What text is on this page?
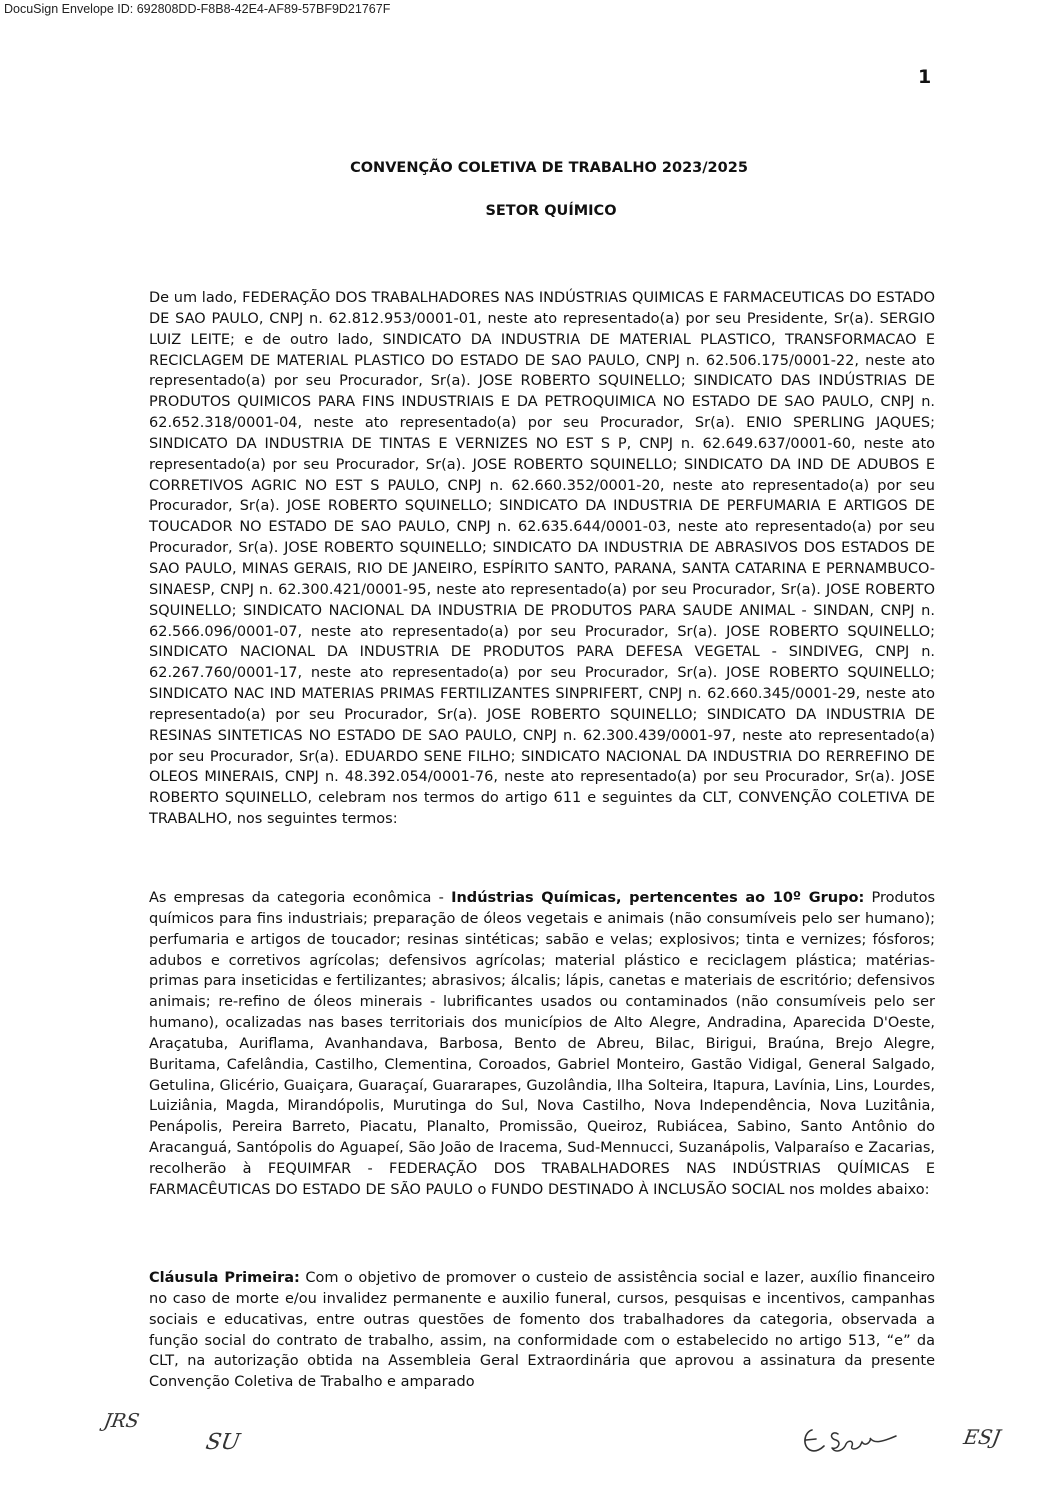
DocuSign Envelope ID: 692808DD-F8B8-42E4-AF89-57BF9D21767F
1
CONVENÇÃO COLETIVA DE TRABALHO 2023/2025
SETOR QUÍMICO

De um lado, FEDERAÇÃO DOS TRABALHADORES NAS INDÚSTRIAS QUIMICAS E FARMACEUTICAS DO ESTADO DE SAO PAULO, CNPJ n. 62.812.953/0001-01, neste ato representado(a) por seu Presidente, Sr(a). SERGIO LUIZ LEITE; e de outro lado, SINDICATO DA INDUSTRIA DE MATERIAL PLASTICO, TRANSFORMACAO E RECICLAGEM DE MATERIAL PLASTICO DO ESTADO DE SAO PAULO, CNPJ n. 62.506.175/0001-22, neste ato representado(a) por seu Procurador, Sr(a). JOSE ROBERTO SQUINELLO; SINDICATO DAS INDÚSTRIAS DE PRODUTOS QUIMICOS PARA FINS INDUSTRIAIS E DA PETROQUIMICA NO ESTADO DE SAO PAULO, CNPJ n. 62.652.318/0001-04, neste ato representado(a) por seu Procurador, Sr(a). ENIO SPERLING JAQUES; SINDICATO DA INDUSTRIA DE TINTAS E VERNIZES NO EST S P, CNPJ n. 62.649.637/0001-60, neste ato representado(a) por seu Procurador, Sr(a). JOSE ROBERTO SQUINELLO; SINDICATO DA IND DE ADUBOS E CORRETIVOS AGRIC NO EST S PAULO, CNPJ n. 62.660.352/0001-20, neste ato representado(a) por seu Procurador, Sr(a). JOSE ROBERTO SQUINELLO; SINDICATO DA INDUSTRIA DE PERFUMARIA E ARTIGOS DE TOUCADOR NO ESTADO DE SAO PAULO, CNPJ n. 62.635.644/0001-03, neste ato representado(a) por seu Procurador, Sr(a). JOSE ROBERTO SQUINELLO; SINDICATO DA INDUSTRIA DE ABRASIVOS DOS ESTADOS DE SAO PAULO, MINAS GERAIS, RIO DE JANEIRO, ESPÍRITO SANTO, PARANA, SANTA CATARINA E PERNAMBUCO-SINAESP, CNPJ n. 62.300.421/0001-95, neste ato representado(a) por seu Procurador, Sr(a). JOSE ROBERTO SQUINELLO; SINDICATO NACIONAL DA INDUSTRIA DE PRODUTOS PARA SAUDE ANIMAL - SINDAN, CNPJ n. 62.566.096/0001-07, neste ato representado(a) por seu Procurador, Sr(a). JOSE ROBERTO SQUINELLO; SINDICATO NACIONAL DA INDUSTRIA DE PRODUTOS PARA DEFESA VEGETAL - SINDIVEG, CNPJ n. 62.267.760/0001-17, neste ato representado(a) por seu Procurador, Sr(a). JOSE ROBERTO SQUINELLO; SINDICATO NAC IND MATERIAS PRIMAS FERTILIZANTES SINPRIFERT, CNPJ n. 62.660.345/0001-29, neste ato representado(a) por seu Procurador, Sr(a). JOSE ROBERTO SQUINELLO; SINDICATO DA INDUSTRIA DE RESINAS SINTETICAS NO ESTADO DE SAO PAULO, CNPJ n. 62.300.439/0001-97, neste ato representado(a) por seu Procurador, Sr(a). EDUARDO SENE FILHO; SINDICATO NACIONAL DA INDUSTRIA DO RERREFINO DE OLEOS MINERAIS, CNPJ n. 48.392.054/0001-76, neste ato representado(a) por seu Procurador, Sr(a). JOSE ROBERTO SQUINELLO, celebram nos termos do artigo 611 e seguintes da CLT, CONVENÇÃO COLETIVA DE TRABALHO, nos seguintes termos:

As empresas da categoria econômica - Indústrias Químicas, pertencentes ao 10º Grupo: Produtos químicos para fins industriais; preparação de óleos vegetais e animais (não consumíveis pelo ser humano); perfumaria e artigos de toucador; resinas sintéticas; sabão e velas; explosivos; tinta e vernizes; fósforos; adubos e corretivos agrícolas; defensivos agrícolas; material plástico e reciclagem plástica; matérias-primas para inseticidas e fertilizantes; abrasivos; álcalis; lápis, canetas e materiais de escritório; defensivos animais; re-refino de óleos minerais - lubrificantes usados ou contaminados (não consumíveis pelo ser humano), ocalizadas nas bases territoriais dos municípios de Alto Alegre, Andradina, Aparecida D'Oeste, Araçatuba, Auriflama, Avanhandava, Barbosa, Bento de Abreu, Bilac, Birigui, Braúna, Brejo Alegre, Buritama, Cafelândia, Castilho, Clementina, Coroados, Gabriel Monteiro, Gastão Vidigal, General Salgado, Getulina, Glicério, Guaiçara, Guaraçaí, Guararapes, Guzolândia, Ilha Solteira, Itapura, Lavínia, Lins, Lourdes, Luiziânia, Magda, Mirandópolis, Murutinga do Sul, Nova Castilho, Nova Independência, Nova Luzitânia, Penápolis, Pereira Barreto, Piacatu, Planalto, Promissão, Queiroz, Rubiácea, Sabino, Santo Antônio do Aracanguá, Santópolis do Aguapeí, São João de Iracema, Sud-Mennucci, Suzanápolis, Valparaíso e Zacarias, recolherão à FEQUIMFAR - FEDERAÇÃO DOS TRABALHADORES NAS INDÚSTRIAS QUÍMICAS E FARMACÊUTICAS DO ESTADO DE SÃO PAULO o FUNDO DESTINADO À INCLUSÃO SOCIAL nos moldes abaixo:

Cláusula Primeira: Com o objetivo de promover o custeio de assistência social e lazer, auxílio financeiro no caso de morte e/ou invalidez permanente e auxilio funeral, cursos, pesquisas e incentivos, campanhas sociais e educativas, entre outras questões de fomento dos trabalhadores da categoria, observada a função social do contrato de trabalho, assim, na conformidade com o estabelecido no artigo 513, “e” da CLT, na autorização obtida na Assembleia Geral Extraordinária que aprovou a assinatura da presente Convenção Coletiva de Trabalho e amparado

JRS
SU	ESJ
